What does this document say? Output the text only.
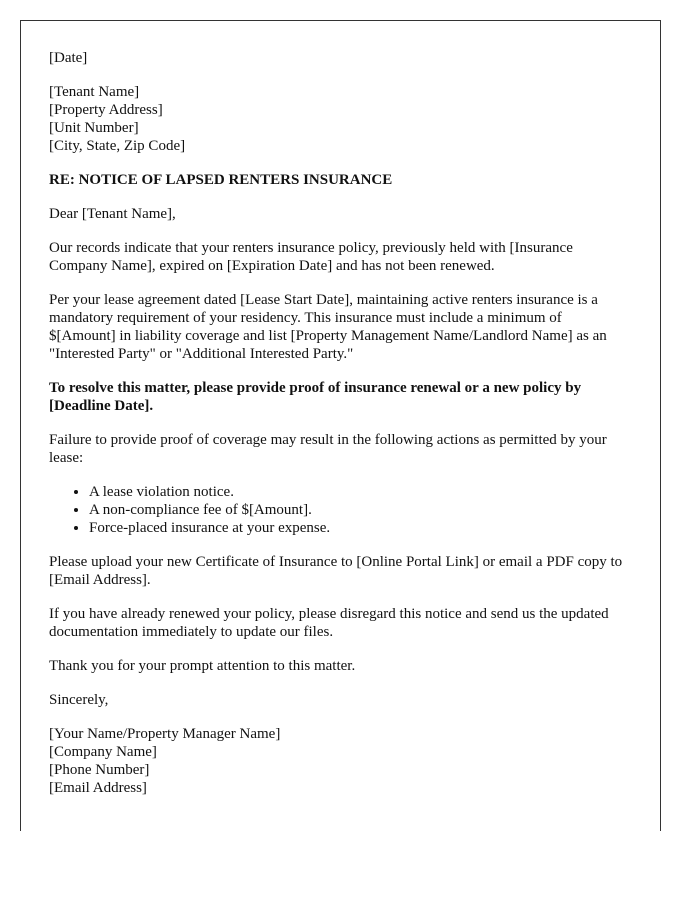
[Date]

[Tenant Name]
[Property Address]
[Unit Number]
[City, State, Zip Code]

RE: NOTICE OF LAPSED RENTERS INSURANCE

Dear [Tenant Name],

Our records indicate that your renters insurance policy, previously held with [Insurance Company Name], expired on [Expiration Date] and has not been renewed.

Per your lease agreement dated [Lease Start Date], maintaining active renters insurance is a mandatory requirement of your residency. This insurance must include a minimum of $[Amount] in liability coverage and list [Property Management Name/Landlord Name] as an "Interested Party" or "Additional Interested Party."

To resolve this matter, please provide proof of insurance renewal or a new policy by [Deadline Date].

Failure to provide proof of coverage may result in the following actions as permitted by your lease:

• A lease violation notice.
• A non-compliance fee of $[Amount].
• Force-placed insurance at your expense.

Please upload your new Certificate of Insurance to [Online Portal Link] or email a PDF copy to [Email Address].

If you have already renewed your policy, please disregard this notice and send us the updated documentation immediately to update our files.

Thank you for your prompt attention to this matter.

Sincerely,

[Your Name/Property Manager Name]
[Company Name]
[Phone Number]
[Email Address]
